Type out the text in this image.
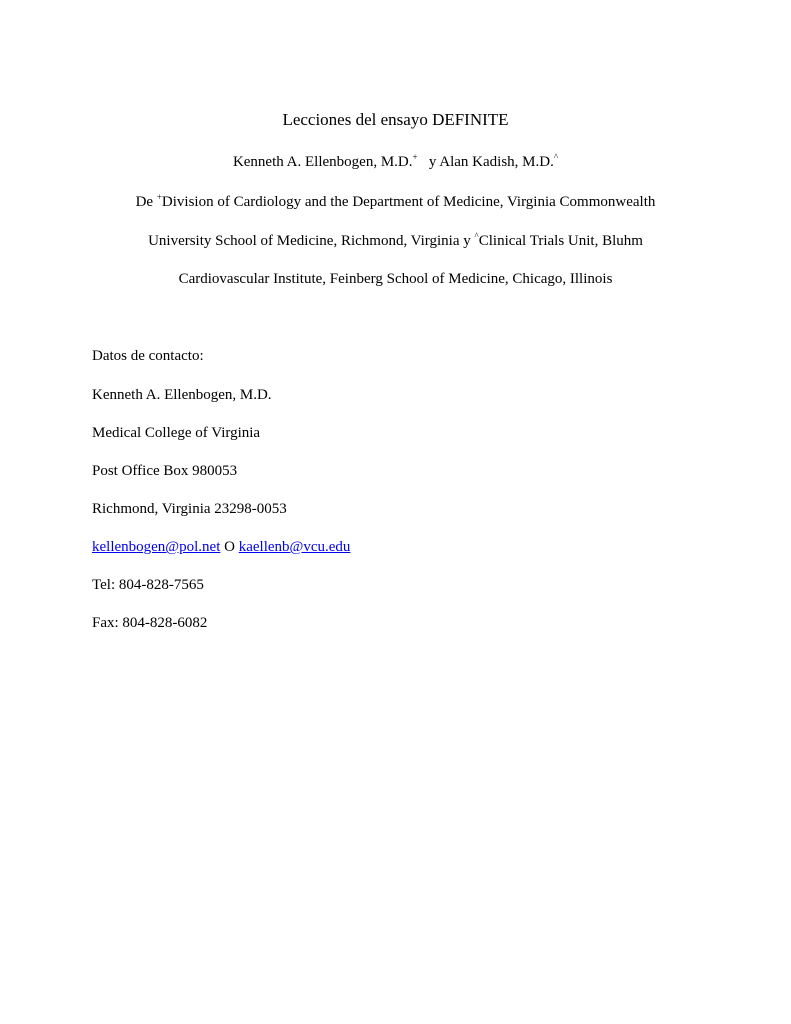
Lecciones del ensayo DEFINITE
Kenneth A. Ellenbogen, M.D.+ y Alan Kadish, M.D.^
De +Division of Cardiology and the Department of Medicine, Virginia Commonwealth
University School of Medicine, Richmond, Virginia y ^Clinical Trials Unit, Bluhm
Cardiovascular Institute, Feinberg School of Medicine, Chicago, Illinois
Datos de contacto:
Kenneth A. Ellenbogen, M.D.
Medical College of Virginia
Post Office Box 980053
Richmond, Virginia 23298-0053
kellenbogen@pol.net O kaellenb@vcu.edu
Tel: 804-828-7565
Fax: 804-828-6082
